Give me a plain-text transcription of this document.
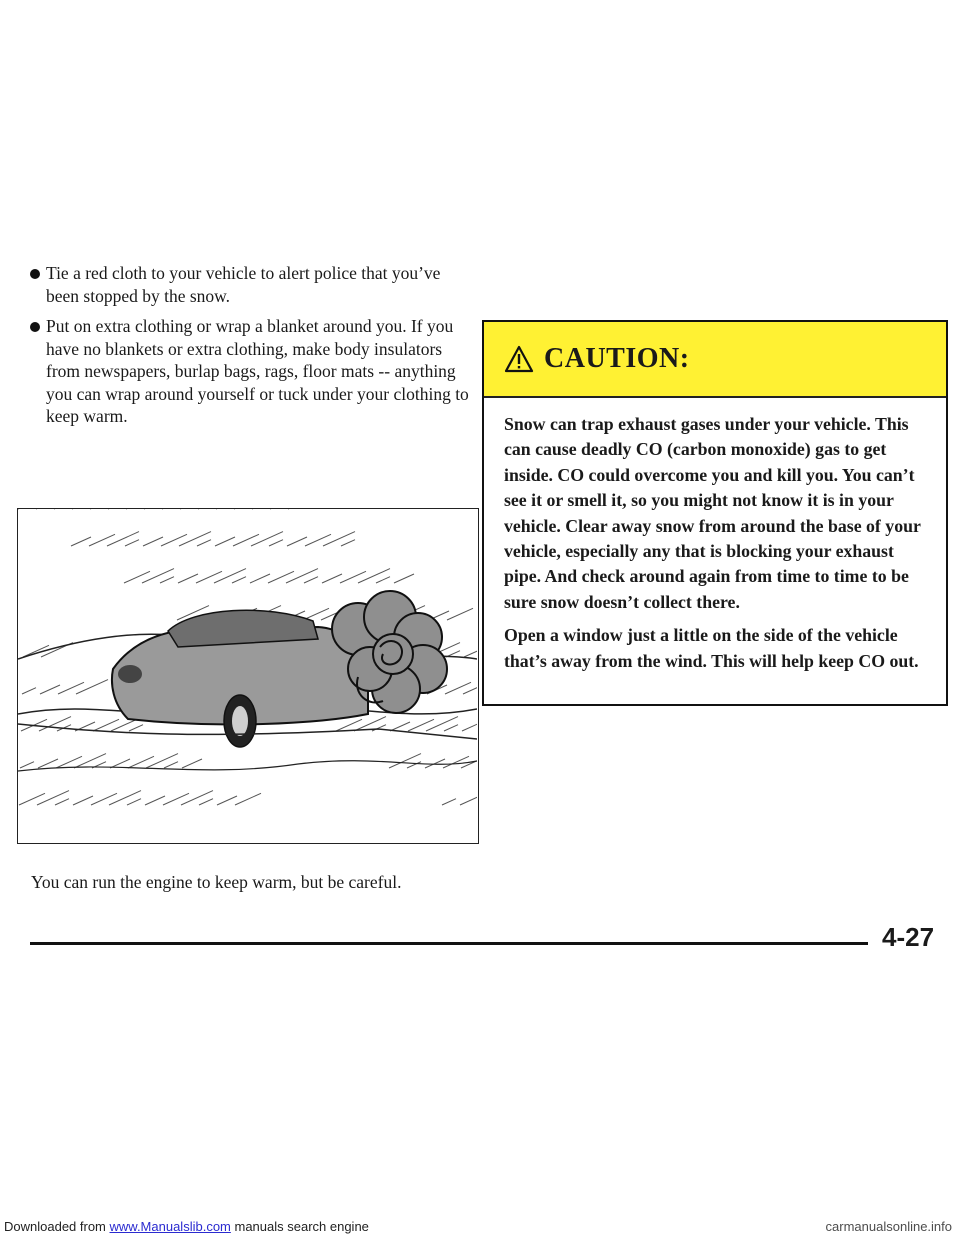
Tie a red cloth to your vehicle to alert police that you’ve been stopped by the snow.
Put on extra clothing or wrap a blanket around you. If you have no blankets or extra clothing, make body insulators from newspapers, burlap bags, rags, floor mats -- anything you can wrap around yourself or tuck under your clothing to keep warm.
CAUTION:

Snow can trap exhaust gases under your vehicle. This can cause deadly CO (carbon monoxide) gas to get inside. CO could overcome you and kill you. You can’t see it or smell it, so you might not know it is in your vehicle. Clear away snow from around the base of your vehicle, especially any that is blocking your exhaust pipe. And check around again from time to time to be sure snow doesn’t collect there.

Open a window just a little on the side of the vehicle that’s away from the wind. This will help keep CO out.

You can run the engine to keep warm, but be careful.
4-27
Downloaded from www.Manualslib.com manuals search engine	carmanualsonline.info
